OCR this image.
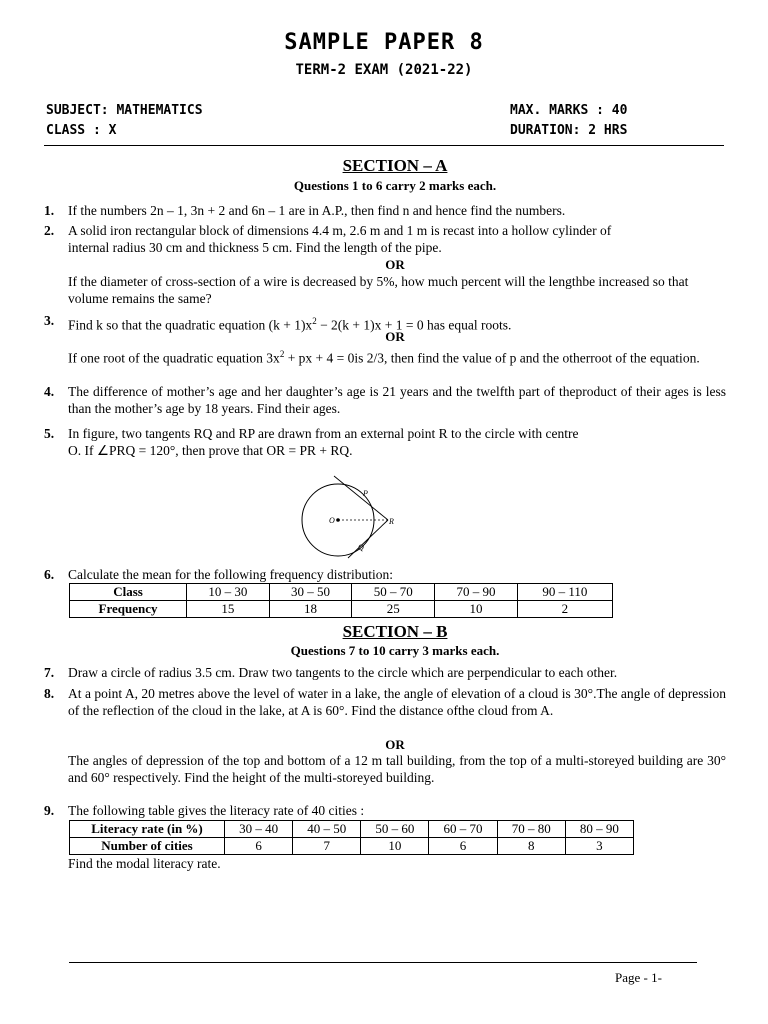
SAMPLE PAPER 8
TERM-2 EXAM (2021-22)
SUBJECT: MATHEMATICS	MAX. MARKS : 40
CLASS : X	DURATION: 2 HRS
SECTION – A
Questions 1 to 6 carry 2 marks each.
1. If the numbers 2n – 1, 3n + 2 and 6n – 1 are in A.P., then find n and hence find the numbers.
2. A solid iron rectangular block of dimensions 4.4 m, 2.6 m and 1 m is recast into a hollow cylinder of internal radius 30 cm and thickness 5 cm. Find the length of the pipe.
OR
If the diameter of cross-section of a wire is decreased by 5%, how much percent will the lengthbe increased so that volume remains the same?
3. Find k so that the quadratic equation $(k + 1)x^2 - 2(k + 1)x + 1 = 0$ has equal roots.
OR
If one root of the quadratic equation $3x^2$ + px + 4 = 0is 2/3, then find the value of p and the otherroot of the equation.
4. The difference of mother’s age and her daughter’s age is 21 years and the twelfth part of theproduct of their ages is less than the mother’s age by 18 years. Find their ages.
5. In figure, two tangents RQ and RP are drawn from an external point R to the circle with centre
O. If ∠PRQ = 120°, then prove that OR = PR + RQ.
O
P
R
Q
6. Calculate the mean for the following frequency distribution:
Class	10 – 30	30 – 50	50 – 70	70 – 90	90 – 110
Frequency	15	18	25	10	2
SECTION – B
Questions 7 to 10 carry 3 marks each.
7. Draw a circle of radius 3.5 cm. Draw two tangents to the circle which are perpendicular to each other.
8. At a point A, 20 metres above the level of water in a lake, the angle of elevation of a cloud is 30°.The angle of depression of the reflection of the cloud in the lake, at A is 60°. Find the distance ofthe cloud from A.
OR
The angles of depression of the top and bottom of a 12 m tall building, from the top of a multi-storeyed building are 30° and 60° respectively. Find the height of the multi-storeyed building.
9. The following table gives the literacy rate of 40 cities :
Literacy rate (in %)	30 – 40	40 – 50	50 – 60	60 – 70	70 – 80	80 – 90
Number of cities	6	7	10	6	8	3
Find the modal literacy rate.
Page - 1-
